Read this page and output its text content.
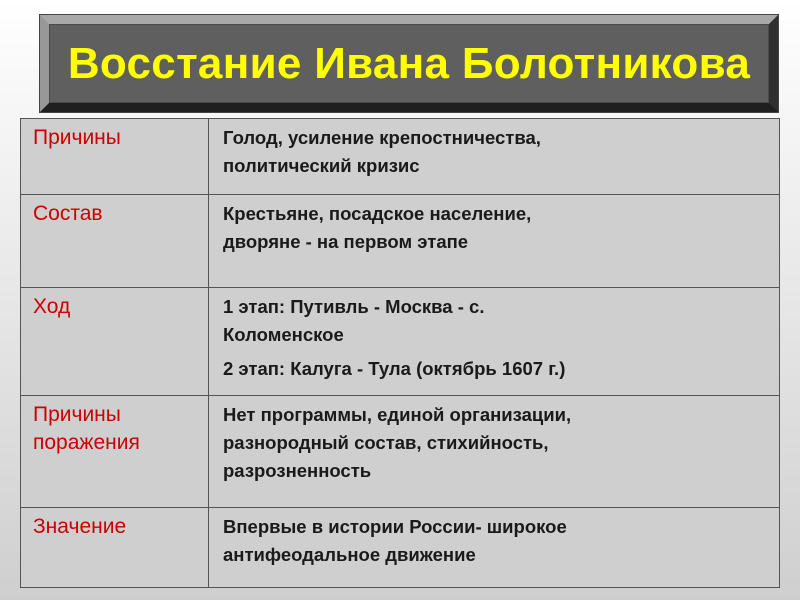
Восстание Ивана Болотникова
Причины	Голод, усиление крепостничества,
политический кризис

Состав	Крестьяне, посадское население,
дворяне - на первом этапе

Ход	1 этап: Путивль - Москва - с.
Коломенское
2 этап: Калуга - Тула (октябрь 1607 г.)

Причины
поражения	Нет программы, единой организации,
разнородный состав, стихийность,
разрозненность

Значение	Впервые в истории России- широкое
антифеодальное движение
